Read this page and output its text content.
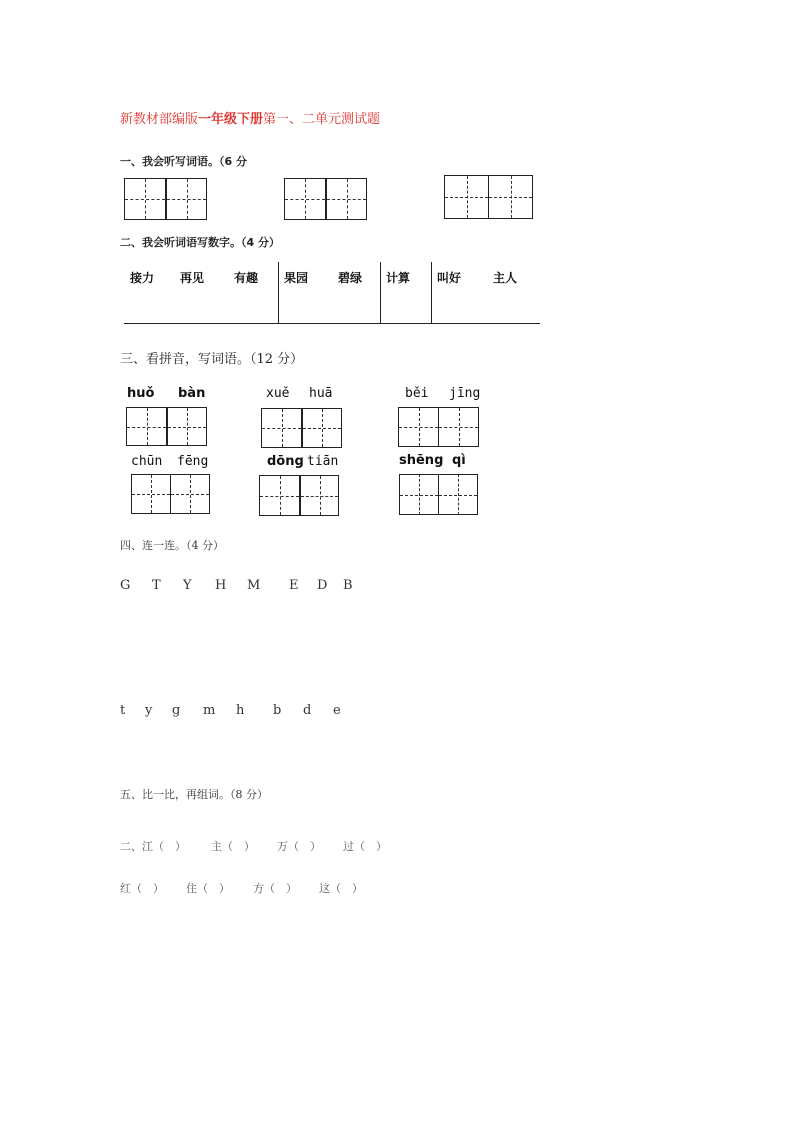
新教材部编版一年级下册第一、二单元测试题
一、我会听写词语。（6 分
二、我会听词语写数字。（4 分）
接力 再见 有趣 果园 碧绿 计算 叫好	主人
三、看拼音，写词语。（12 分）
huǒ bàn	xuě huā	běi jīng
chūn fēng	dōng tiān	shēng qì
四、连一连。（4 分）
G T Y H M E D B
t y g m h b d e
五、比一比，再组词。（8 分）
二、江（　） 主（　） 万（　） 过（　）
红（　） 住（　） 方（　） 这（　）
